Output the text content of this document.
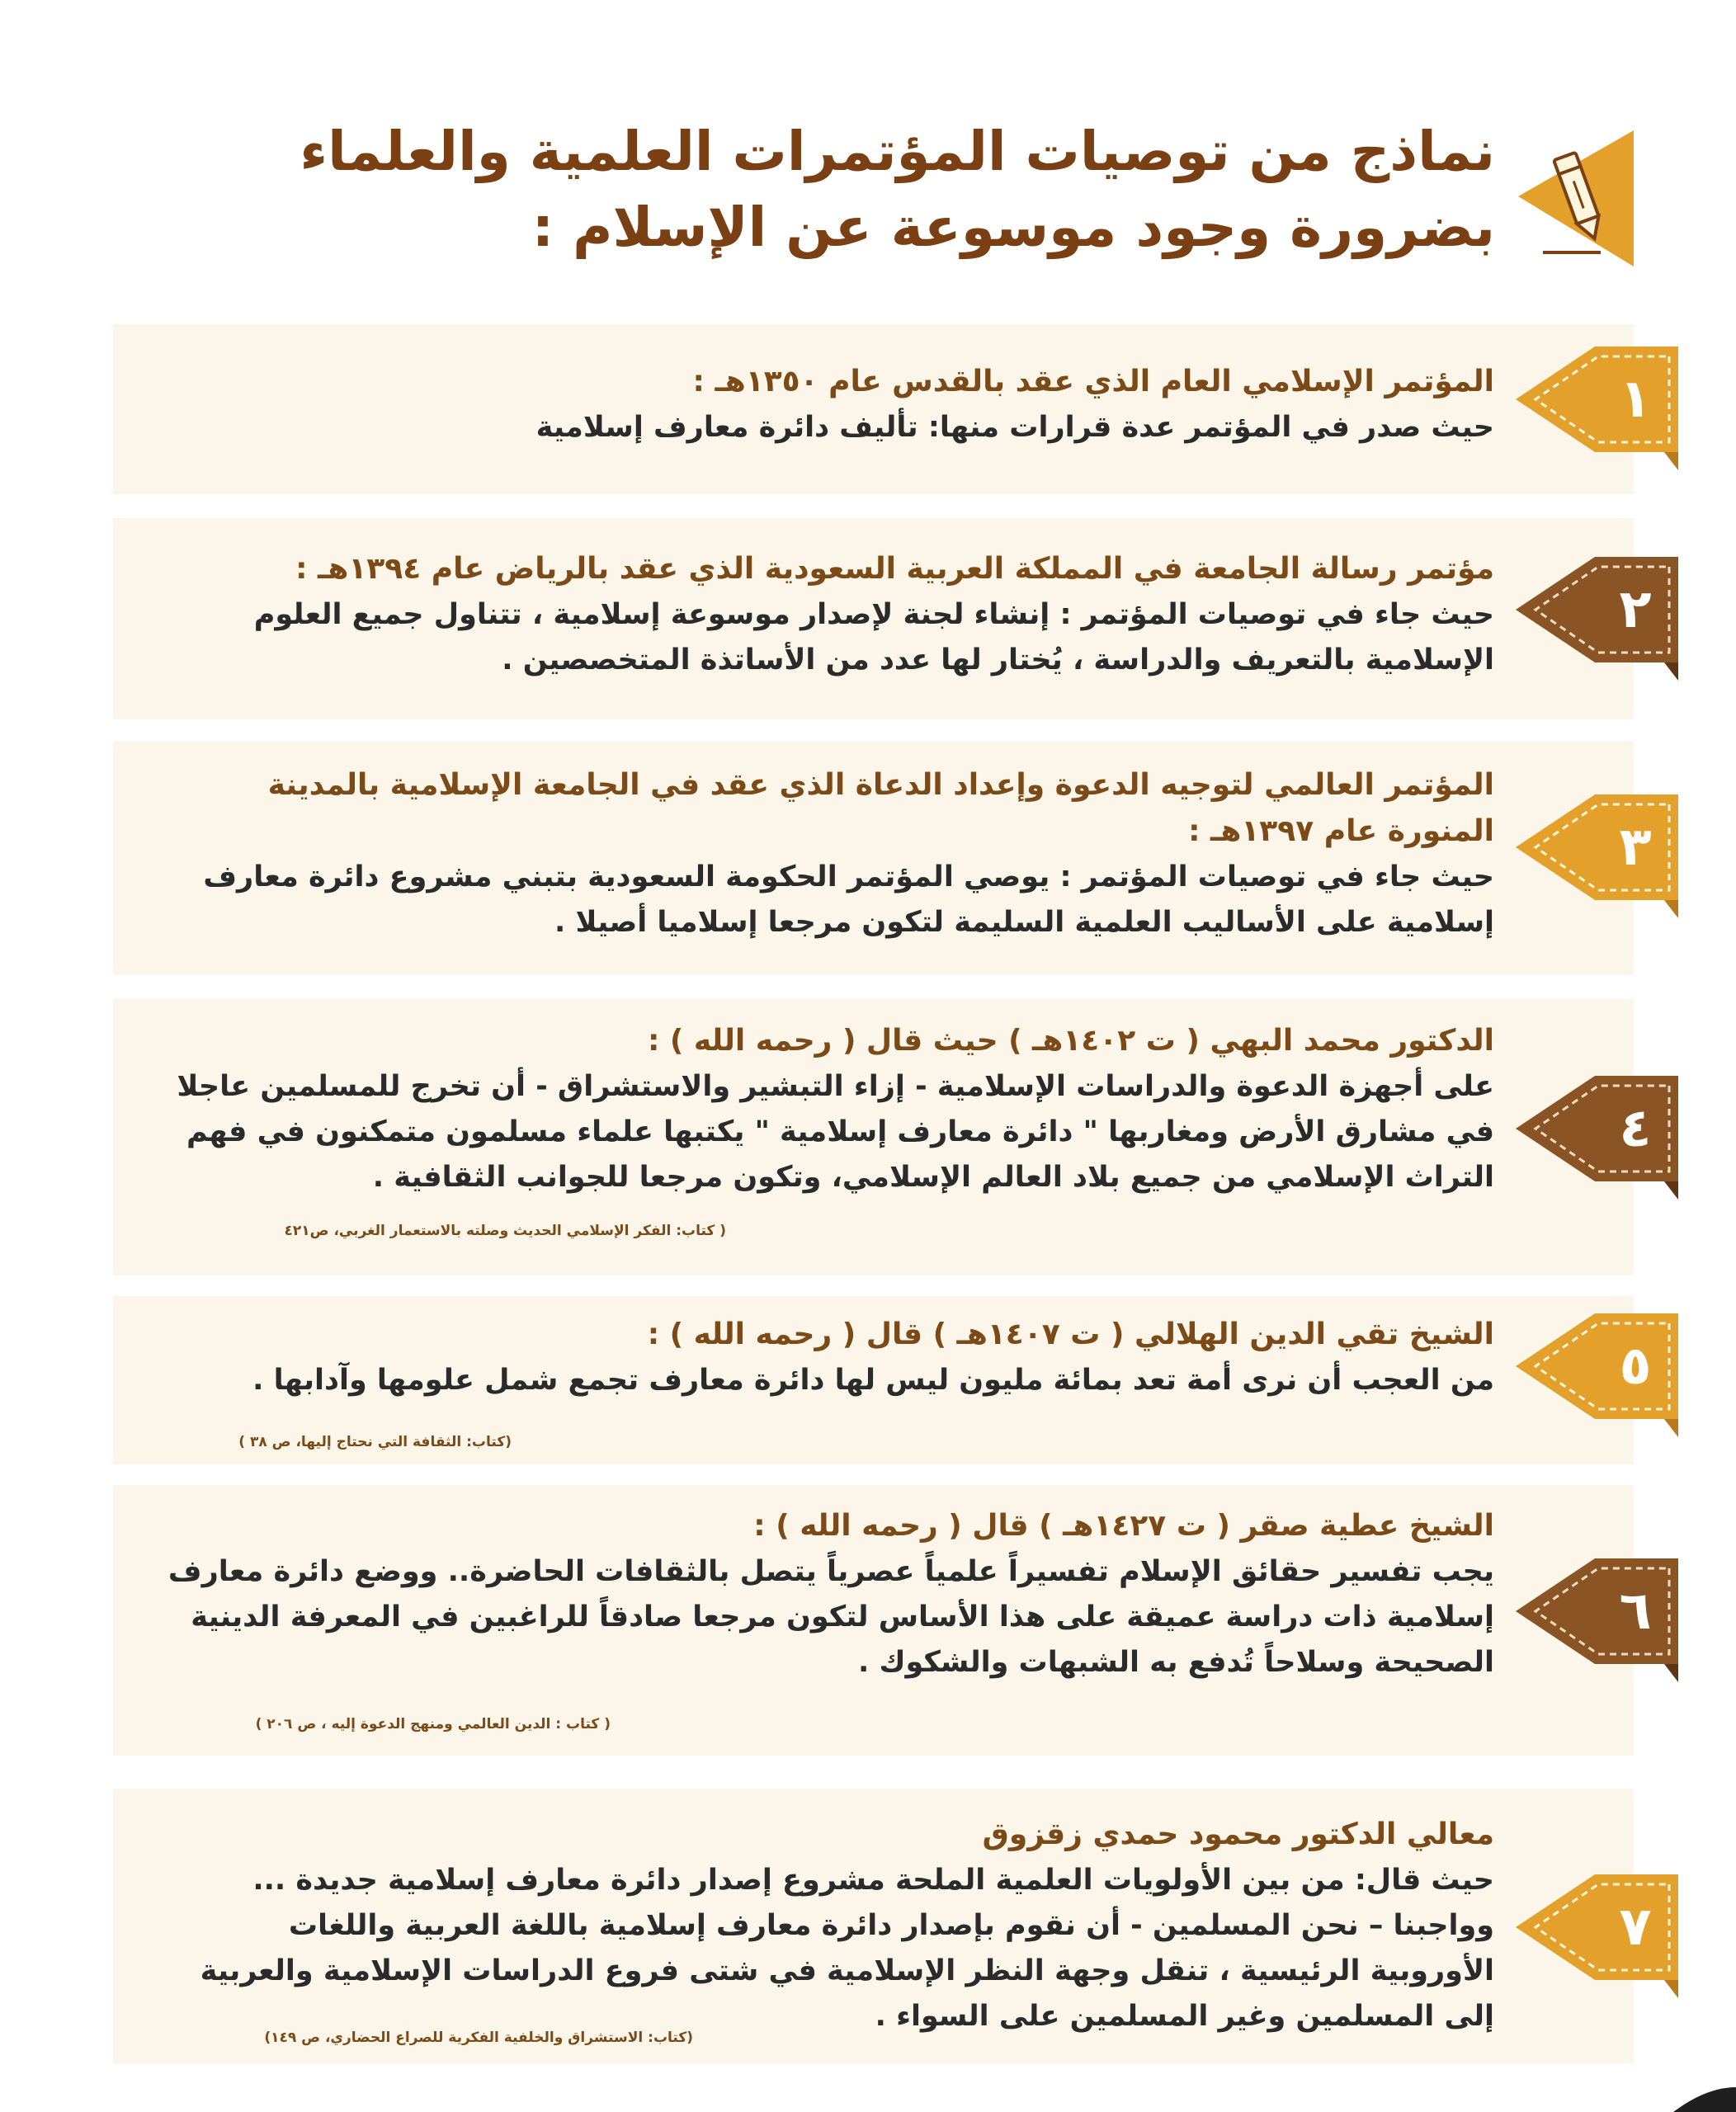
نماذج من توصيات المؤتمرات العلمية والعلماء
بضرورة وجود موسوعة عن الإسلام :

المؤتمر الإسلامي العام الذي عقد بالقدس عام ١٣٥٠هـ :

حيث صدر في المؤتمر عدة قرارات منها: تأليف دائرة معارف إسلامية	١

مؤتمر رسالة الجامعة في المملكة العربية السعودية الذي عقد بالرياض عام ١٣٩٤هـ :

حيث جاء في توصيات المؤتمر : إنشاء لجنة لإصدار موسوعة إسلامية ، تتناول جميع العلوم الإسلامية بالتعريف والدراسة ، يُختار لها عدد من الأساتذة المتخصصين .

٢

المؤتمر العالمي لتوجيه الدعوة وإعداد الدعاة الذي عقد في الجامعة الإسلامية بالمدينة المنورة عام ١٣٩٧هـ :

حيث جاء في توصيات المؤتمر : يوصي المؤتمر الحكومة السعودية بتبني مشروع دائرة معارف إسلامية على الأساليب العلمية السليمة لتكون مرجعا إسلاميا أصيلا .

٣

الدكتور محمد البهي ( ت ١٤٠٢هـ ) حيث قال ( رحمه الله ) :

على أجهزة الدعوة والدراسات الإسلامية - إزاء التبشير والاستشراق - أن تخرج للمسلمين عاجلا في مشارق الأرض ومغاربها " دائرة معارف إسلامية " يكتبها علماء مسلمون متمكنون في فهم التراث الإسلامي من جميع بلاد العالم الإسلامي، وتكون مرجعا للجوانب الثقافية .

( كتاب: الفكر الإسلامي الحديث وصلته بالاستعمار الغربي، ص٤٢١
٤

الشيخ تقي الدين الهلالي ( ت ١٤٠٧هـ ) قال ( رحمه الله ) :

من العجب أن نرى أمة تعد بمائة مليون ليس لها دائرة معارف تجمع شمل علومها وآدابها .

(كتاب: الثقافة التي نحتاج إليها، ص ٣٨ )
٥

الشيخ عطية صقر ( ت ١٤٢٧هـ ) قال ( رحمه الله ) :

يجب تفسير حقائق الإسلام تفسيراً علمياً عصرياً يتصل بالثقافات الحاضرة.. ووضع دائرة معارف إسلامية ذات دراسة عميقة على هذا الأساس لتكون مرجعا صادقاً للراغبين في المعرفة الدينية الصحيحة وسلاحاً تُدفع به الشبهات والشكوك .

( كتاب : الدين العالمي ومنهج الدعوة إليه ، ص ٢٠٦ )
٦

معالي الدكتور محمود حمدي زقزوق

حيث قال: من بين الأولويات العلمية الملحة مشروع إصدار دائرة معارف إسلامية جديدة ... وواجبنا – نحن المسلمين - أن نقوم بإصدار دائرة معارف إسلامية باللغة العربية واللغات الأوروبية الرئيسية ، تنقل وجهة النظر الإسلامية في شتى فروع الدراسات الإسلامية والعربية إلى المسلمين وغير المسلمين على السواء .

(كتاب: الاستشراق والخلفية الفكرية للصراع الحضاري، ص ١٤٩)
٧
